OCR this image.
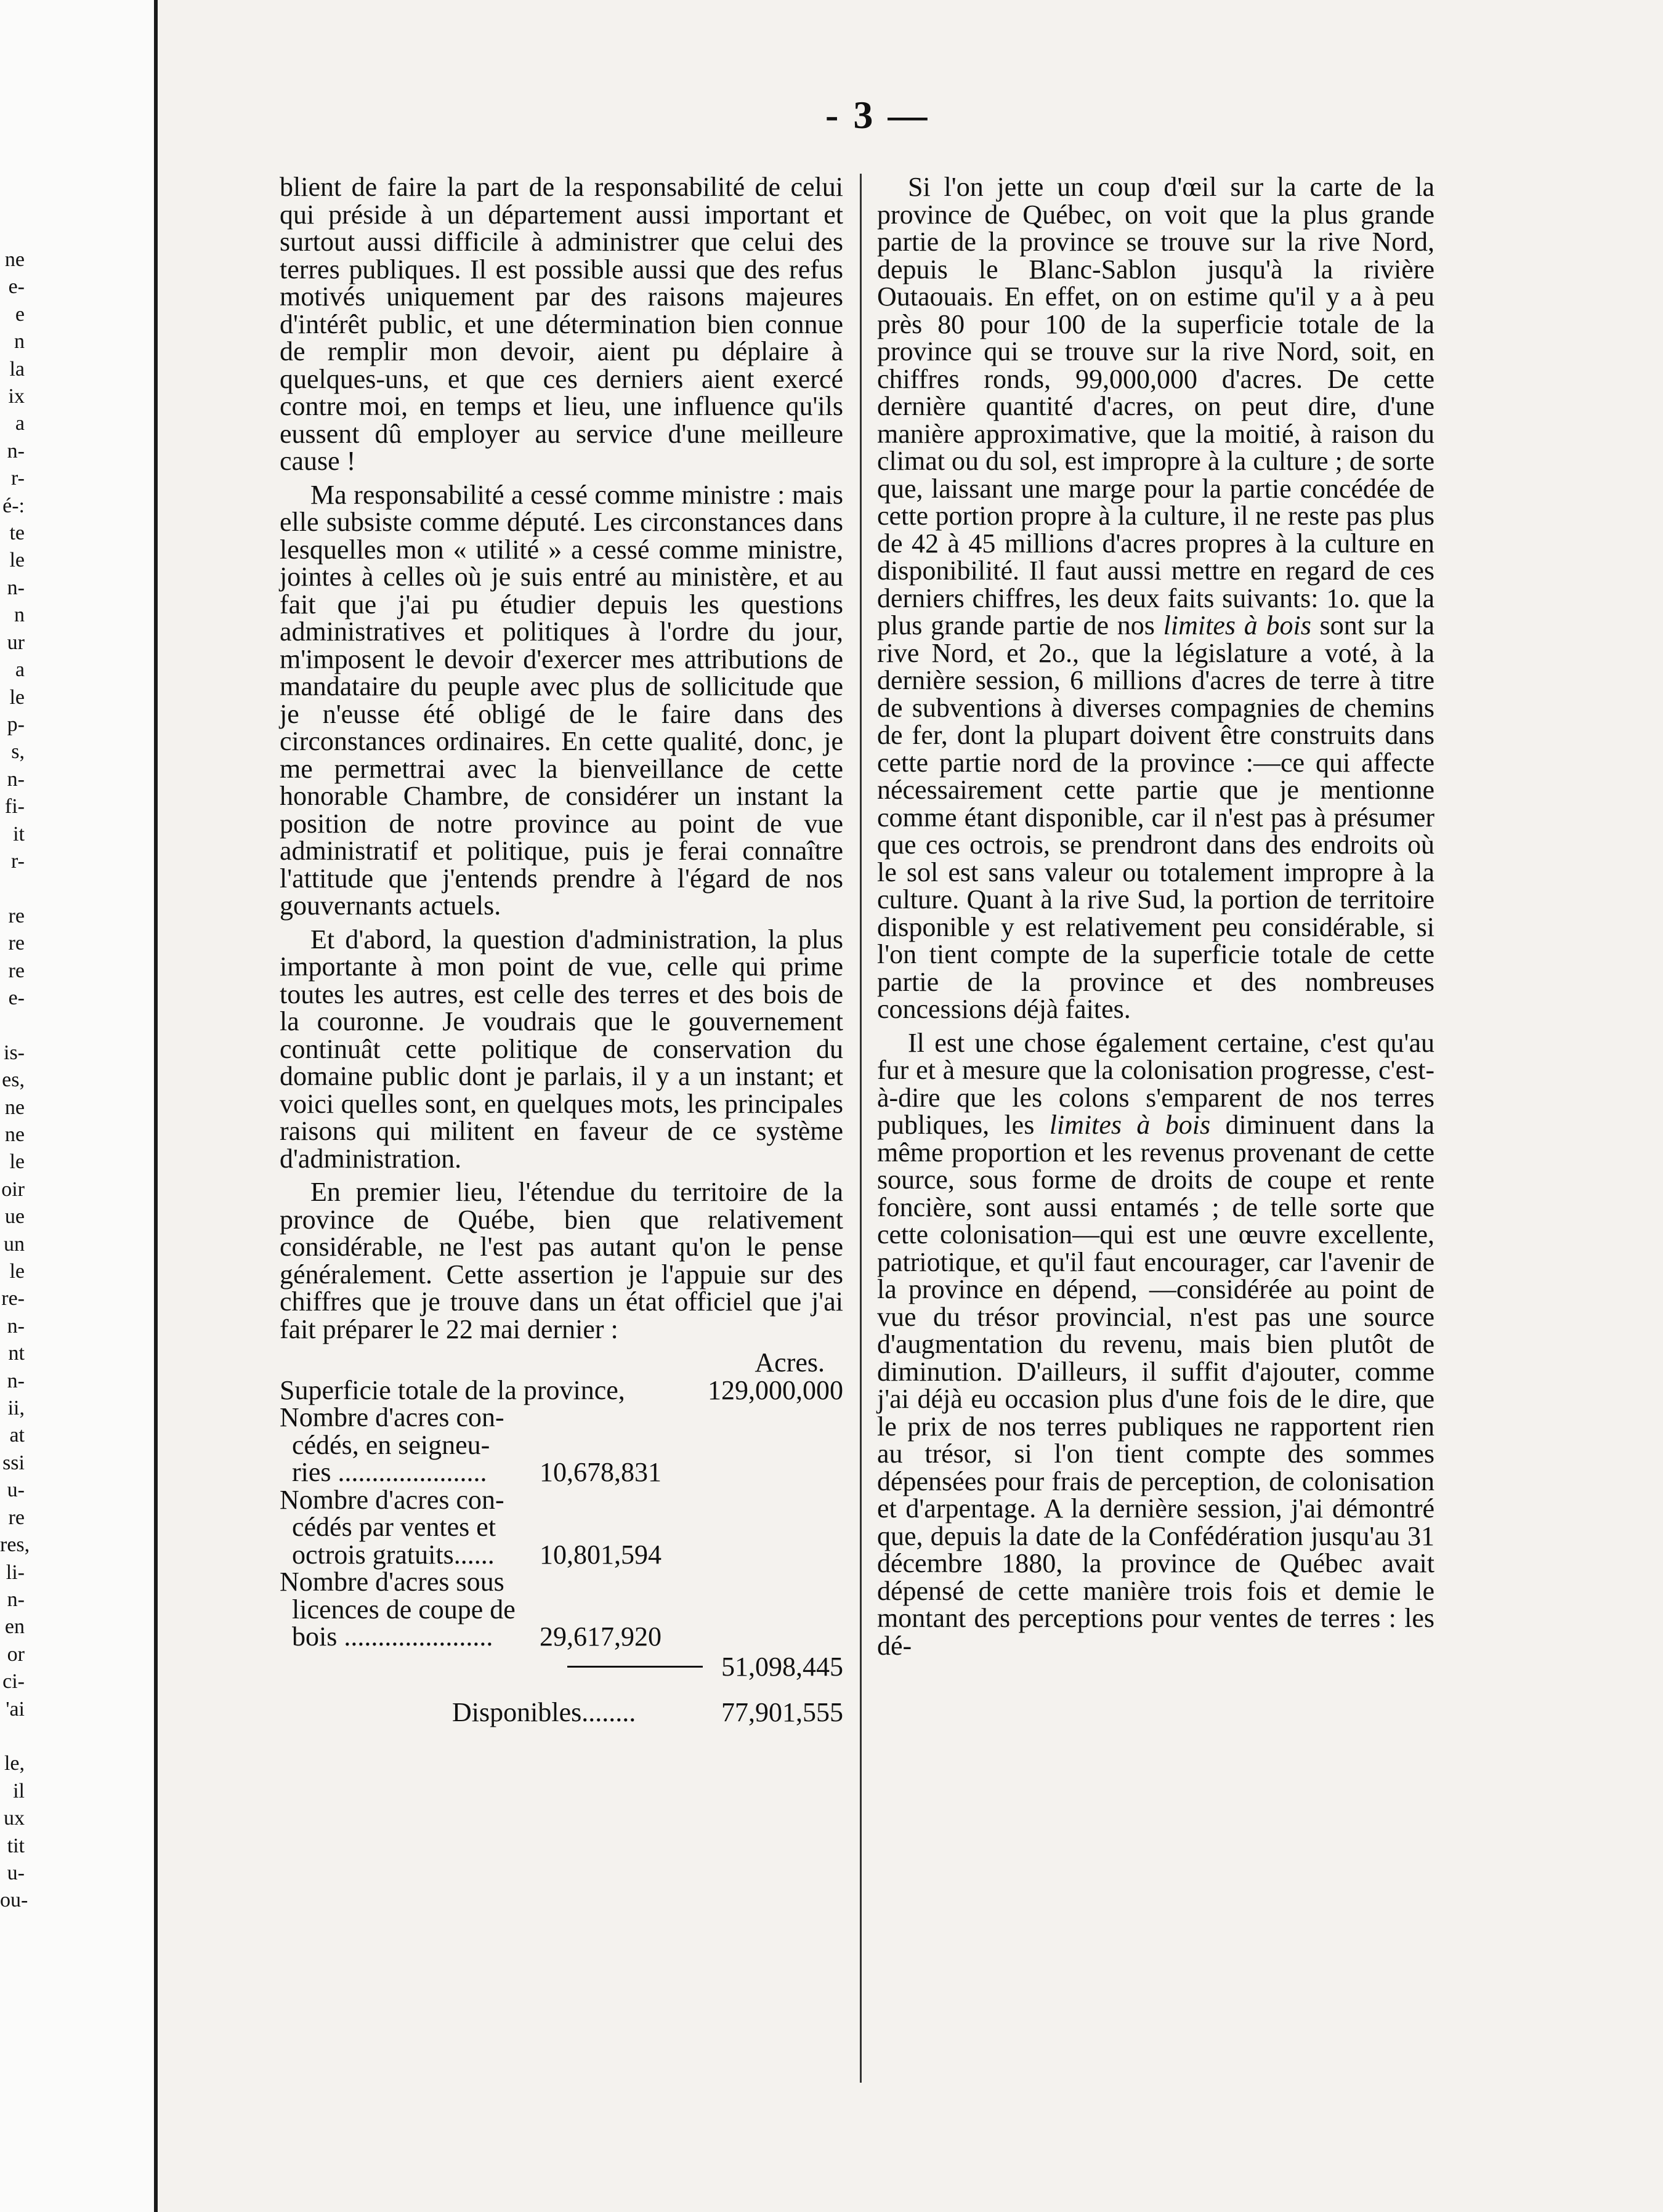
ne
e-
e
n
la
ix
a
n-
r-
é-:
te
le
n-
n
ur
a
le
p-
s,
n-
fi-
it
r-

re
re
re
e-

is-
es,
ne
ne
le
oir
ue
un
le
re-
n-
nt
n-
ii,
at
ssi
u-
re
res,
li-
n-
en
or
ci-
'ai

le,
il
ux
tit
u-
ou-
- 3 —

blient de faire la part de la responsabilité de celui qui préside à un département aussi important et surtout aussi difficile à administrer que celui des terres publiques. Il est possible aussi que des refus motivés uniquement par des raisons majeures d'intérêt public, et une détermination bien connue de remplir mon devoir, aient pu déplaire à quelques-uns, et que ces derniers aient exercé contre moi, en temps et lieu, une influence qu'ils eussent dû employer au service d'une meilleure cause !

Ma responsabilité a cessé comme ministre : mais elle subsiste comme député. Les circonstances dans lesquelles mon « utilité » a cessé comme ministre, jointes à celles où je suis entré au ministère, et au fait que j'ai pu étudier depuis les questions administratives et politiques à l'ordre du jour, m'imposent le devoir d'exercer mes attributions de mandataire du peuple avec plus de sollicitude que je n'eusse été obligé de le faire dans des circonstances ordinaires. En cette qualité, donc, je me permettrai avec la bienveillance de cette honorable Chambre, de considérer un instant la position de notre province au point de vue administratif et politique, puis je ferai connaître l'attitude que j'entends prendre à l'égard de nos gouvernants actuels.

Et d'abord, la question d'administration, la plus importante à mon point de vue, celle qui prime toutes les autres, est celle des terres et des bois de la couronne. Je voudrais que le gouvernement continuât cette politique de conservation du domaine public dont je parlais, il y a un instant; et voici quelles sont, en quelques mots, les principales raisons qui militent en faveur de ce système d'administration.

En premier lieu, l'étendue du territoire de la province de Québe, bien que relativement considérable, ne l'est pas autant qu'on le pense généralement. Cette assertion je l'appuie sur des chiffres que je trouve dans un état officiel que j'ai fait préparer le 22 mai dernier :

Acres.
Superficie totale de la province,	129,000,000
Nombre d'acres con-
cédés, en seigneu-
ries ...................... 10,678,831
Nombre d'acres con-
cédés par ventes et
octrois gratuits...... 10,801,594
Nombre d'acres sous
licences de coupe de
bois ...................... 29,617,920
51,098,445
Disponibles........	77,901,555

Si l'on jette un coup d'œil sur la carte de la province de Québec, on voit que la plus grande partie de la province se trouve sur la rive Nord, depuis le Blanc-Sablon jusqu'à la rivière Outaouais. En effet, on on estime qu'il y a à peu près 80 pour 100 de la superficie totale de la province qui se trouve sur la rive Nord, soit, en chiffres ronds, 99,000,000 d'acres. De cette dernière quantité d'acres, on peut dire, d'une manière approximative, que la moitié, à raison du climat ou du sol, est impropre à la culture ; de sorte que, laissant une marge pour la partie concédée de cette portion propre à la culture, il ne reste pas plus de 42 à 45 millions d'acres propres à la culture en disponibilité. Il faut aussi mettre en regard de ces derniers chiffres, les deux faits suivants: 1o. que la plus grande partie de nos limites à bois sont sur la rive Nord, et 2o., que la législature a voté, à la dernière session, 6 millions d'acres de terre à titre de subventions à diverses compagnies de chemins de fer, dont la plupart doivent être construits dans cette partie nord de la province :—ce qui affecte nécessairement cette partie que je mentionne comme étant disponible, car il n'est pas à présumer que ces octrois, se prendront dans des endroits où le sol est sans valeur ou totalement impropre à la culture. Quant à la rive Sud, la portion de territoire disponible y est relativement peu considérable, si l'on tient compte de la superficie totale de cette partie de la province et des nombreuses concessions déjà faites.

Il est une chose également certaine, c'est qu'au fur et à mesure que la colonisation progresse, c'est-à-dire que les colons s'emparent de nos terres publiques, les limites à bois diminuent dans la même proportion et les revenus provenant de cette source, sous forme de droits de coupe et rente foncière, sont aussi entamés ; de telle sorte que cette colonisation—qui est une œuvre excellente, patriotique, et qu'il faut encourager, car l'avenir de la province en dépend, —considérée au point de vue du trésor provincial, n'est pas une source d'augmentation du revenu, mais bien plutôt de diminution. D'ailleurs, il suffit d'ajouter, comme j'ai déjà eu occasion plus d'une fois de le dire, que le prix de nos terres publiques ne rapportent rien au trésor, si l'on tient compte des sommes dépensées pour frais de perception, de colonisation et d'arpentage. A la dernière session, j'ai démontré que, depuis la date de la Confédération jusqu'au 31 décembre 1880, la province de Québec avait dépensé de cette manière trois fois et demie le montant des perceptions pour ventes de terres : les dé-
